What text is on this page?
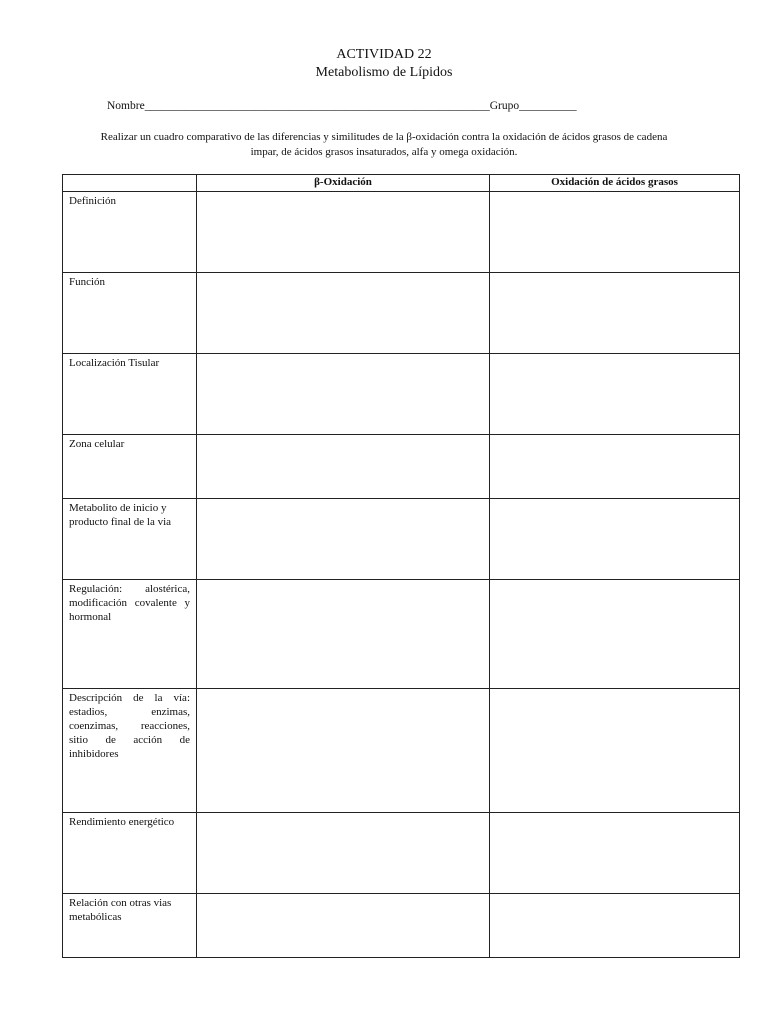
ACTIVIDAD 22
Metabolismo de Lípidos
Nombre____________________________________________________________Grupo__________
Realizar un cuadro comparativo de las diferencias y similitudes de la β-oxidación contra la oxidación de ácidos grasos de cadena impar, de ácidos grasos insaturados, alfa y omega oxidación.
	β-Oxidación	Oxidación de ácidos grasos
Definición		
Función		
Localización Tisular		
Zona celular		
Metabolito de inicio y producto final de la via		
Regulación: alostérica, modificación covalente y hormonal		
Descripción de la vía: estadios, enzimas, coenzimas, reacciones, sitio de acción de inhibidores		
Rendimiento energético		
Relación con otras vias metabólicas		
